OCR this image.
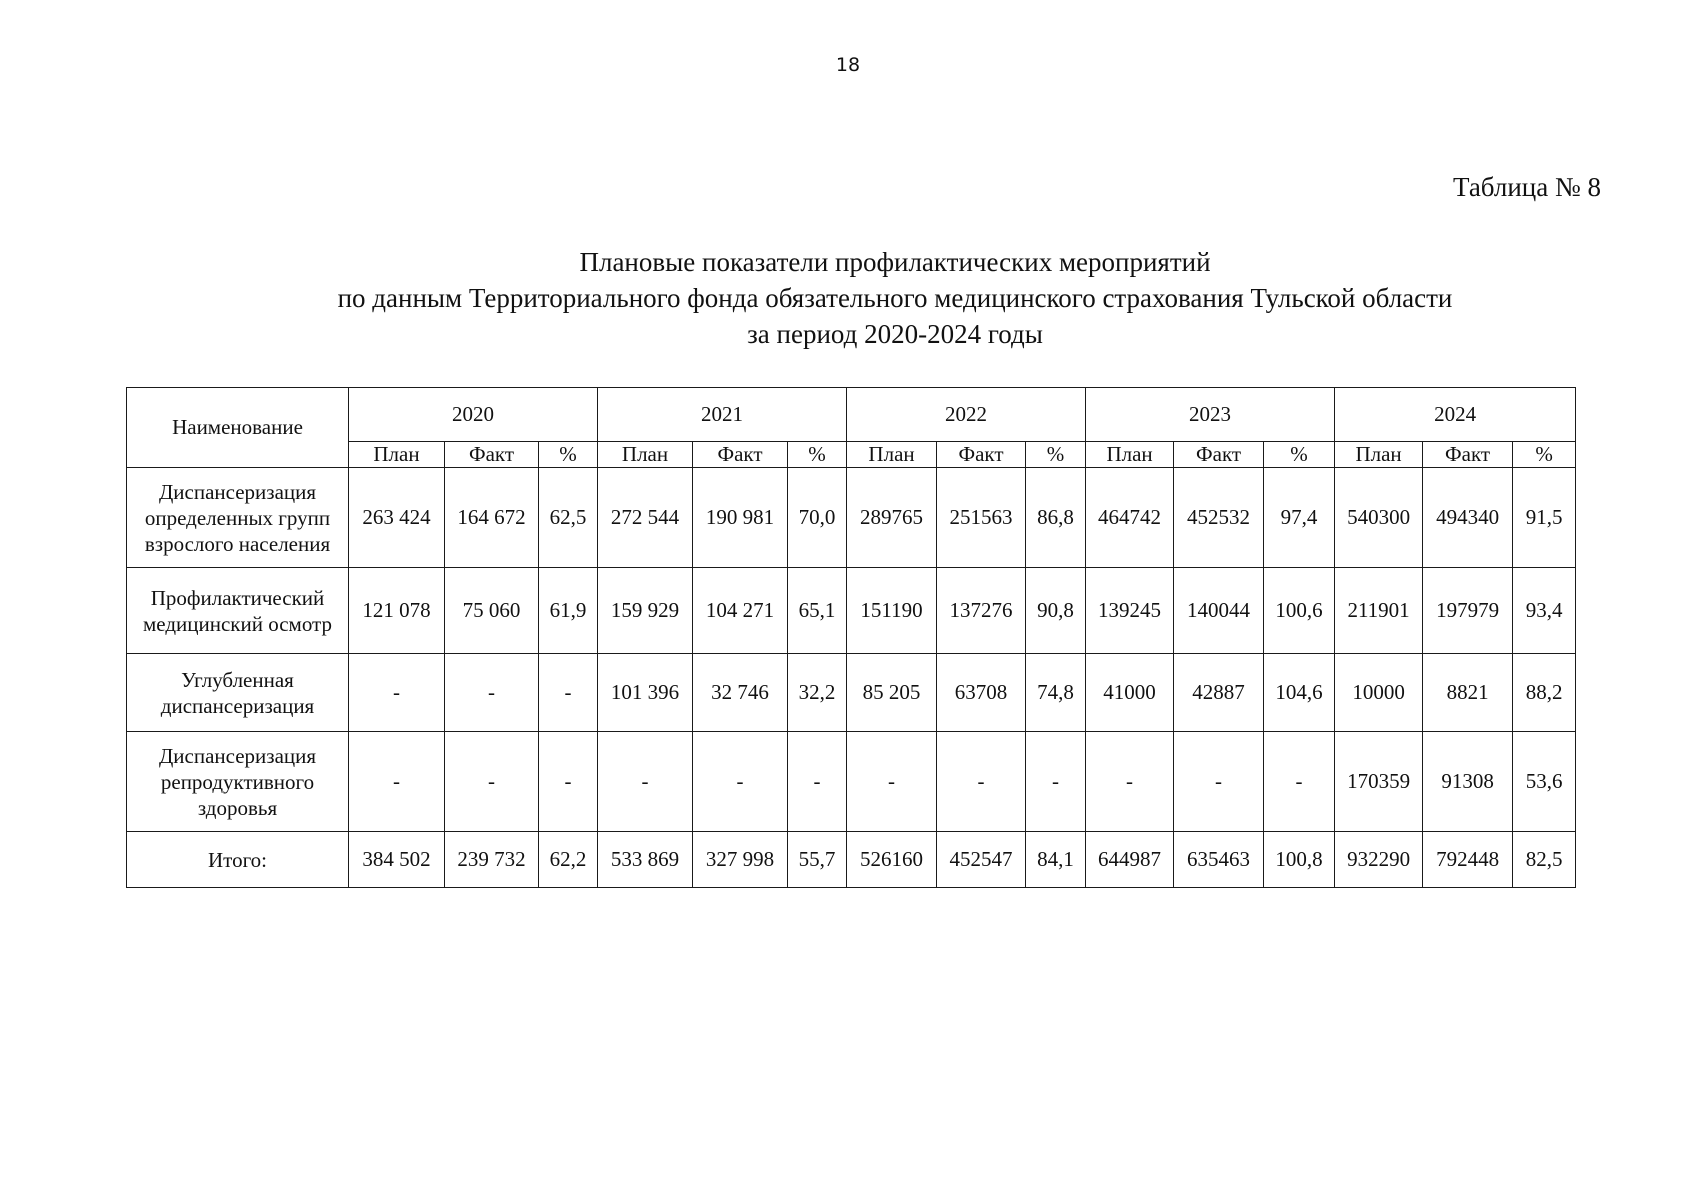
18
Таблица № 8
Плановые показатели профилактических мероприятий
по данным Территориального фонда обязательного медицинского страхования Тульской области
за период 2020-2024 годы
Наименование	2020			2021			2022			2023			2024		
	План	Факт	%	План	Факт	%	План	Факт	%	План	Факт	%	План	Факт	%
Диспансеризация определенных групп взрослого населения	263 424	164 672	62,5	272 544	190 981	70,0	289765	251563	86,8	464742	452532	97,4	540300	494340	91,5
Профилактический медицинский осмотр	121 078	75 060	61,9	159 929	104 271	65,1	151190	137276	90,8	139245	140044	100,6	211901	197979	93,4
Углубленная диспансеризация	-	-	-	101 396	32 746	32,2	85 205	63708	74,8	41000	42887	104,6	10000	8821	88,2
Диспансеризация репродуктивного здоровья	-	-	-	-	-	-	-	-	-	-	-	-	170359	91308	53,6
Итого:	384 502	239 732	62,2	533 869	327 998	55,7	526160	452547	84,1	644987	635463	100,8	932290	792448	82,5
